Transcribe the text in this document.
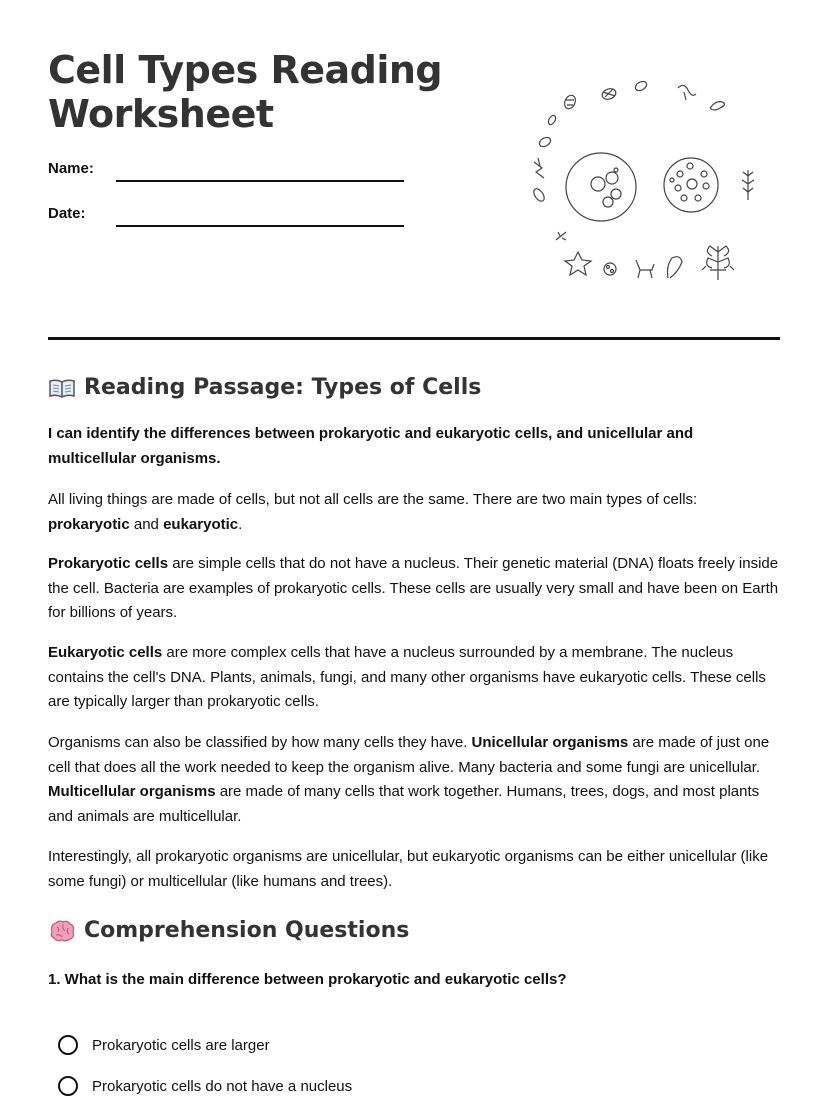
Cell Types Reading
Worksheet
Name:
Date:
Reading Passage: Types of Cells

I can identify the differences between prokaryotic and eukaryotic cells, and unicellular and multicellular organisms.

All living things are made of cells, but not all cells are the same. There are two main types of cells: prokaryotic and eukaryotic.

Prokaryotic cells are simple cells that do not have a nucleus. Their genetic material (DNA) floats freely inside the cell. Bacteria are examples of prokaryotic cells. These cells are usually very small and have been on Earth for billions of years.

Eukaryotic cells are more complex cells that have a nucleus surrounded by a membrane. The nucleus contains the cell's DNA. Plants, animals, fungi, and many other organisms have eukaryotic cells. These cells are typically larger than prokaryotic cells.

Organisms can also be classified by how many cells they have. Unicellular organisms are made of just one cell that does all the work needed to keep the organism alive. Many bacteria and some fungi are unicellular. Multicellular organisms are made of many cells that work together. Humans, trees, dogs, and most plants and animals are multicellular.

Interestingly, all prokaryotic organisms are unicellular, but eukaryotic organisms can be either unicellular (like some fungi) or multicellular (like humans and trees).

Comprehension Questions
1. What is the main difference between prokaryotic and eukaryotic cells?
Prokaryotic cells are larger
Prokaryotic cells do not have a nucleus
